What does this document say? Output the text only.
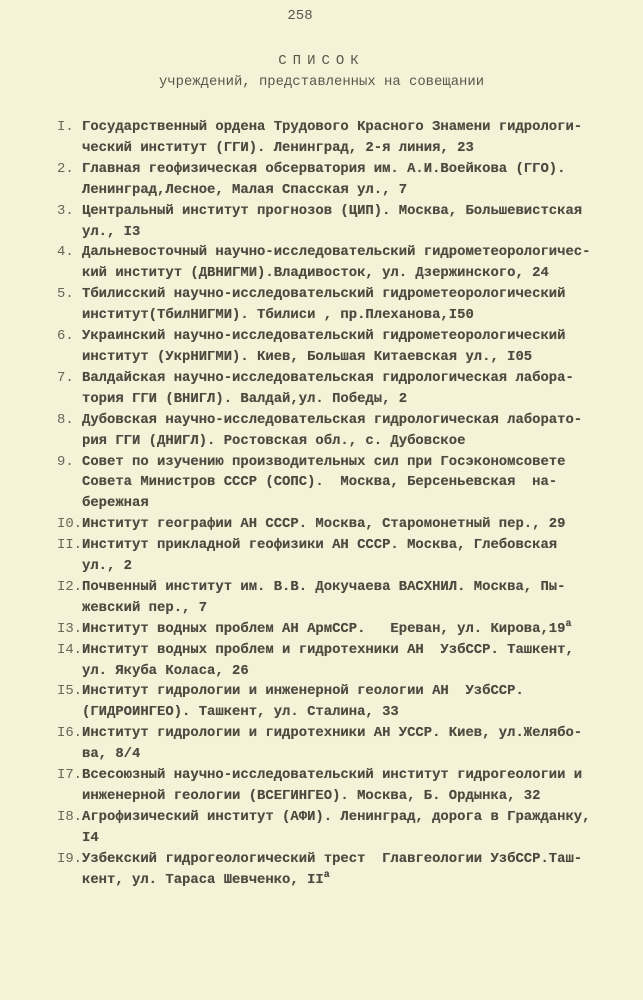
258
СПИСОК
учреждений, представленных на совещании
I. Государственный ордена Трудового Красного Знамени гидрологи-
ческий институт (ГГИ). Ленинград, 2-я линия, 23
2. Главная геофизическая обсерватория им. А.И.Воейкова (ГГО).
Ленинград,Лесное, Малая Спасская ул., 7
3. Центральный институт прогнозов (ЦИП). Москва, Большевистская
ул., I3
4. Дальневосточный научно-исследовательский гидрометеорологичес-
кий институт (ДВНИГМИ).Владивосток, ул. Дзержинского, 24
5. Тбилисский научно-исследовательский гидрометеорологический
институт(ТбилНИГМИ). Тбилиси , пр.Плеханова,I50
6. Украинский научно-исследовательский гидрометеорологический
институт (УкрНИГМИ). Киев, Большая Китаевская ул., I05
7. Валдайская научно-исследовательская гидрологическая лабора-
тория ГГИ (ВНИГЛ). Валдай,ул. Победы, 2
8. Дубовская научно-исследовательская гидрологическая лаборато-
рия ГГИ (ДНИГЛ). Ростовская обл., с. Дубовское
9. Совет по изучению производительных сил при Госэкономсовете
Совета Министров СССР (СОПС).  Москва, Берсеньевская  на-
бережная
I0. Институт географии АН СССР. Москва, Старомонетный пер., 29
II. Институт прикладной геофизики АН СССР. Москва, Глебовская
ул., 2
I2. Почвенный институт им. В.В. Докучаева ВАСХНИЛ. Москва, Пы-
жевский пер., 7
I3. Институт водных проблем АН АрмССР.   Ереван, ул. $Кирова,19^а$
I4. Институт водных проблем и гидротехники АН  УзбССР. Ташкент,
ул. Якуба Коласа, 26
I5. Институт гидрологии и инженерной геологии АН  УзбССР.
(ГИДРОИНГЕО). Ташкент, ул. Сталина, 33
I6. Институт гидрологии и гидротехники АН УССР. Киев, ул.Желябо-
ва, 8/4
I7. Всесоюзный научно-исследовательский институт гидрогеологии и
инженерной геологии (ВСЕГИНГЕО). Москва, Б. Ордынка, 32
I8. Агрофизический институт (АФИ). Ленинград, дорога в Гражданку,
I4
I9. Узбекский гидрогеологический трест  Главгеологии УзбССР.Таш-
кент, ул. Тараса Шевченко, $II^а$
